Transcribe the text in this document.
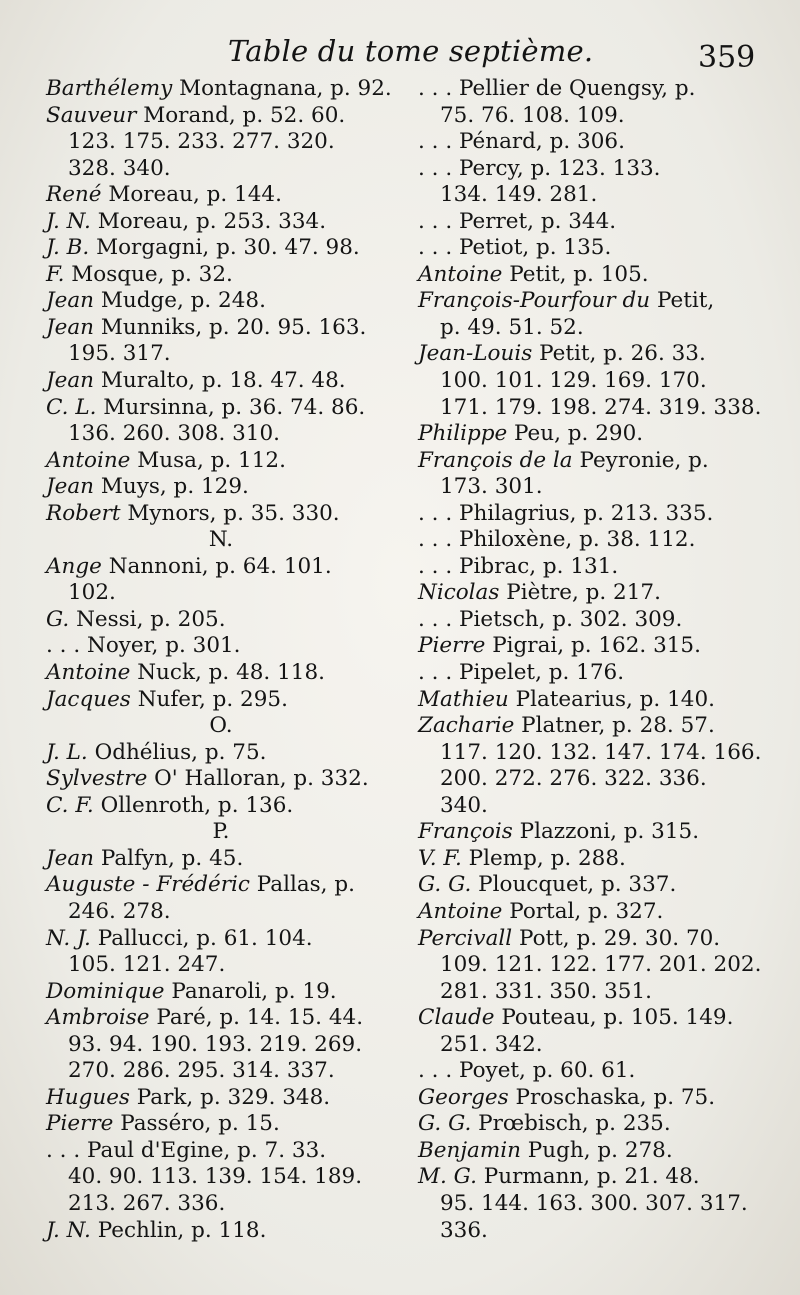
Table du tome septième.	359
Barthélemy Montagnana, p. 92.
Sauveur Morand, p. 52. 60.
123. 175. 233. 277. 320.
328. 340.
René Moreau, p. 144.
J. N. Moreau, p. 253. 334.
J. B. Morgagni, p. 30. 47. 98.
F. Mosque, p. 32.
Jean Mudge, p. 248.
Jean Munniks, p. 20. 95. 163.
195. 317.
Jean Muralto, p. 18. 47. 48.
C. L. Mursinna, p. 36. 74. 86.
136. 260. 308. 310.
Antoine Musa, p. 112.
Jean Muys, p. 129.
Robert Mynors, p. 35. 330.
N.
Ange Nannoni, p. 64. 101.
102.
G. Nessi, p. 205.
. . . Noyer, p. 301.
Antoine Nuck, p. 48. 118.
Jacques Nufer, p. 295.
O.
J. L. Odhélius, p. 75.
Sylvestre O' Halloran, p. 332.
C. F. Ollenroth, p. 136.
P.
Jean Palfyn, p. 45.
Auguste - Frédéric Pallas, p.
246. 278.
N. J. Pallucci, p. 61. 104.
105. 121. 247.
Dominique Panaroli, p. 19.
Ambroise Paré, p. 14. 15. 44.
93. 94. 190. 193. 219. 269.
270. 286. 295. 314. 337.
Hugues Park, p. 329. 348.
Pierre Passéro, p. 15.
. . . Paul d'Egine, p. 7. 33.
40. 90. 113. 139. 154. 189.
213. 267. 336.
J. N. Pechlin, p. 118.
. . . Pellier de Quengsy, p.
75. 76. 108. 109.
. . . Pénard, p. 306.
. . . Percy, p. 123. 133.
134. 149. 281.
. . . Perret, p. 344.
. . . Petiot, p. 135.
Antoine Petit, p. 105.
François-Pourfour du Petit,
p. 49. 51. 52.
Jean-Louis Petit, p. 26. 33.
100. 101. 129. 169. 170.
171. 179. 198. 274. 319. 338.
Philippe Peu, p. 290.
François de la Peyronie, p.
173. 301.
. . . Philagrius, p. 213. 335.
. . . Philoxène, p. 38. 112.
. . . Pibrac, p. 131.
Nicolas Piètre, p. 217.
. . . Pietsch, p. 302. 309.
Pierre Pigrai, p. 162. 315.
. . . Pipelet, p. 176.
Mathieu Platearius, p. 140.
Zacharie Platner, p. 28. 57.
117. 120. 132. 147. 174. 166.
200. 272. 276. 322. 336.
340.
François Plazzoni, p. 315.
V. F. Plemp, p. 288.
G. G. Ploucquet, p. 337.
Antoine Portal, p. 327.
Percivall Pott, p. 29. 30. 70.
109. 121. 122. 177. 201. 202.
281. 331. 350. 351.
Claude Pouteau, p. 105. 149.
251. 342.
. . . Poyet, p. 60. 61.
Georges Proschaska, p. 75.
G. G. Prœbisch, p. 235.
Benjamin Pugh, p. 278.
M. G. Purmann, p. 21. 48.
95. 144. 163. 300. 307. 317.
336.
